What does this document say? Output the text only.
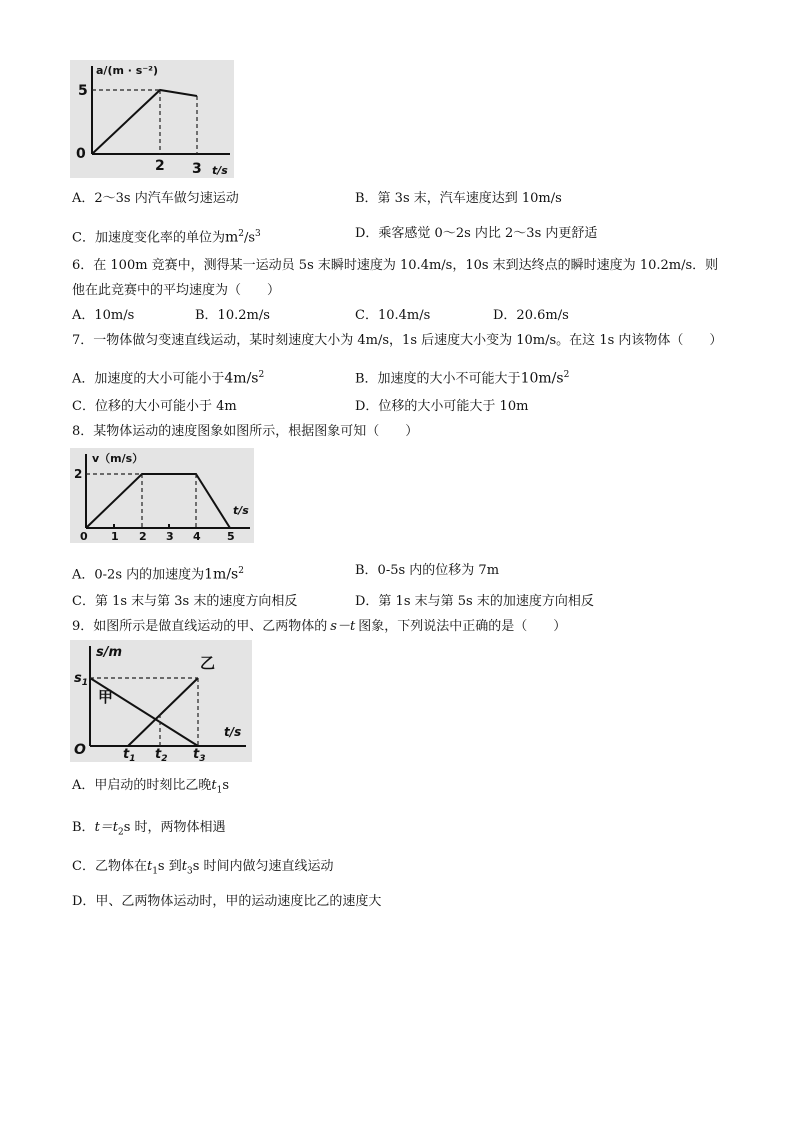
a/(m · s⁻²)
5
0
2 3 t/s
A．2～3s 内汽车做匀速运动	B．第 3s 末，汽车速度达到 10m/s
C．加速度变化率的单位为$m^2/s^3$	D．乘客感觉 0～2s 内比 2～3s 内更舒适
6．在 100m 竞赛中，测得某一运动员 5s 末瞬时速度为 10.4m/s，10s 末到达终点的瞬时速度为 10.2m/s．则
他在此竞赛中的平均速度为（　　）
A．10m/s	B．10.2m/s	C．10.4m/s	D．20.6m/s
7．一物体做匀变速直线运动，某时刻速度大小为 4m/s，1s 后速度大小变为 10m/s。在这 1s 内该物体（　　）
A．加速度的大小可能小于$4m/s^2$	B．加速度的大小不可能大于$10m/s^2$
C．位移的大小可能小于 4m	D．位移的大小可能大于 10m
8．某物体运动的速度图象如图所示，根据图象可知（　　）
v（m/s）
2
0 1 2 3 4 5
t/s
A．0-2s 内的加速度为$1m/s^2$	B．0-5s 内的位移为 7m
C．第 1s 末与第 3s 末的速度方向相反	D．第 1s 末与第 5s 末的加速度方向相反
9．如图所示是做直线运动的甲、乙两物体的 s－t 图象，下列说法中正确的是（　　）
s/m
$s_1$
O
乙
甲
$t_1$ $t_2$ $t_3$
t/s
A．甲启动的时刻比乙晚$t_1s$
B．$t=t_2s$ 时，两物体相遇
C．乙物体在$t_1s$ 到$t_3s$ 时间内做匀速直线运动
D．甲、乙两物体运动时，甲的运动速度比乙的速度大
